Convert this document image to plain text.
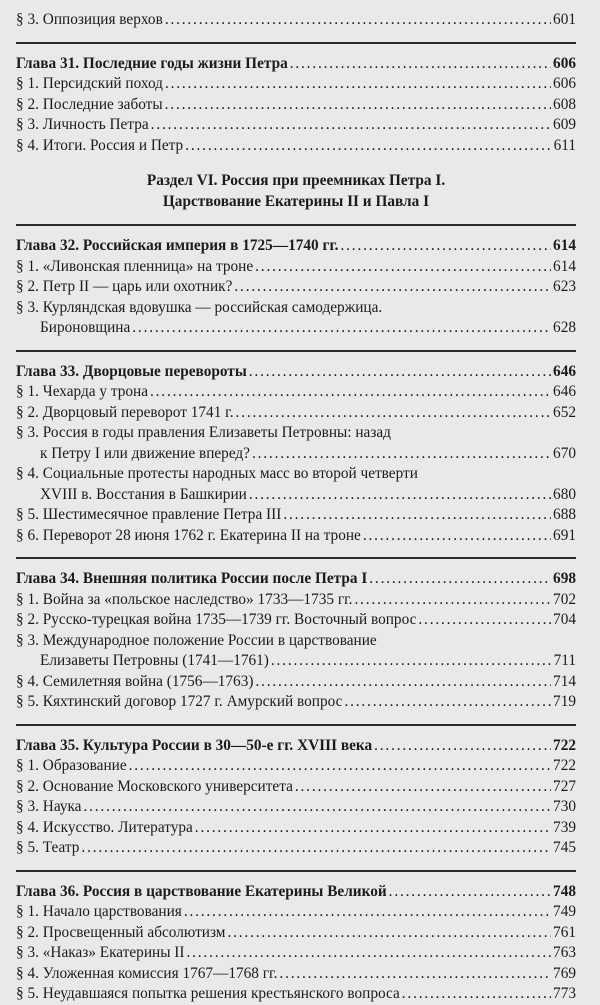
§ 3. Оппозиция верхов . . .	601
Глава 31. Последние годы жизни Петра . . .	606
§ 1. Персидский поход . . .	606
§ 2. Последние заботы . . .	608
§ 3. Личность Петра . . .	609
§ 4. Итоги. Россия и Петр . . .	611
Раздел VI. Россия при преемниках Петра I.
Царствование Екатерины II и Павла I
Глава 32. Российская империя в 1725—1740 гг. . . .	614
§ 1. «Ливонская пленница» на троне . . .	614
§ 2. Петр II — царь или охотник? . . .	623
§ 3. Курляндская вдовушка — российская самодержица.
Бироновщина . . .	628
Глава 33. Дворцовые перевороты . . .	646
§ 1. Чехарда у трона . . .	646
§ 2. Дворцовый переворот 1741 г. . . .	652
§ 3. Россия в годы правления Елизаветы Петровны: назад
к Петру I или движение вперед? . . .	670
§ 4. Социальные протесты народных масс во второй четверти
XVIII в. Восстания в Башкирии . . .	680
§ 5. Шестимесячное правление Петра III . . .	688
§ 6. Переворот 28 июня 1762 г. Екатерина II на троне . . .	691
Глава 34. Внешняя политика России после Петра I . . .	698
§ 1. Война за «польское наследство» 1733—1735 гг. . . .	702
§ 2. Русско-турецкая война 1735—1739 гг. Восточный вопрос . . .	704
§ 3. Международное положение России в царствование
Елизаветы Петровны (1741—1761) . . .	711
§ 4. Семилетняя война (1756—1763) . . .	714
§ 5. Кяхтинский договор 1727 г. Амурский вопрос . . .	719
Глава 35. Культура России в 30—50-е гг. XVIII века . . .	722
§ 1. Образование . . .	722
§ 2. Основание Московского университета . . .	727
§ 3. Наука . . .	730
§ 4. Искусство. Литература . . .	739
§ 5. Театр . . .	745
Глава 36. Россия в царствование Екатерины Великой . . .	748
§ 1. Начало царствования . . .	749
§ 2. Просвещенный абсолютизм . . .	761
§ 3. «Наказ» Екатерины II . . .	763
§ 4. Уложенная комиссия 1767—1768 гг. . . .	769
§ 5. Неудавшаяся попытка решения крестьянского вопроса . . .	773
